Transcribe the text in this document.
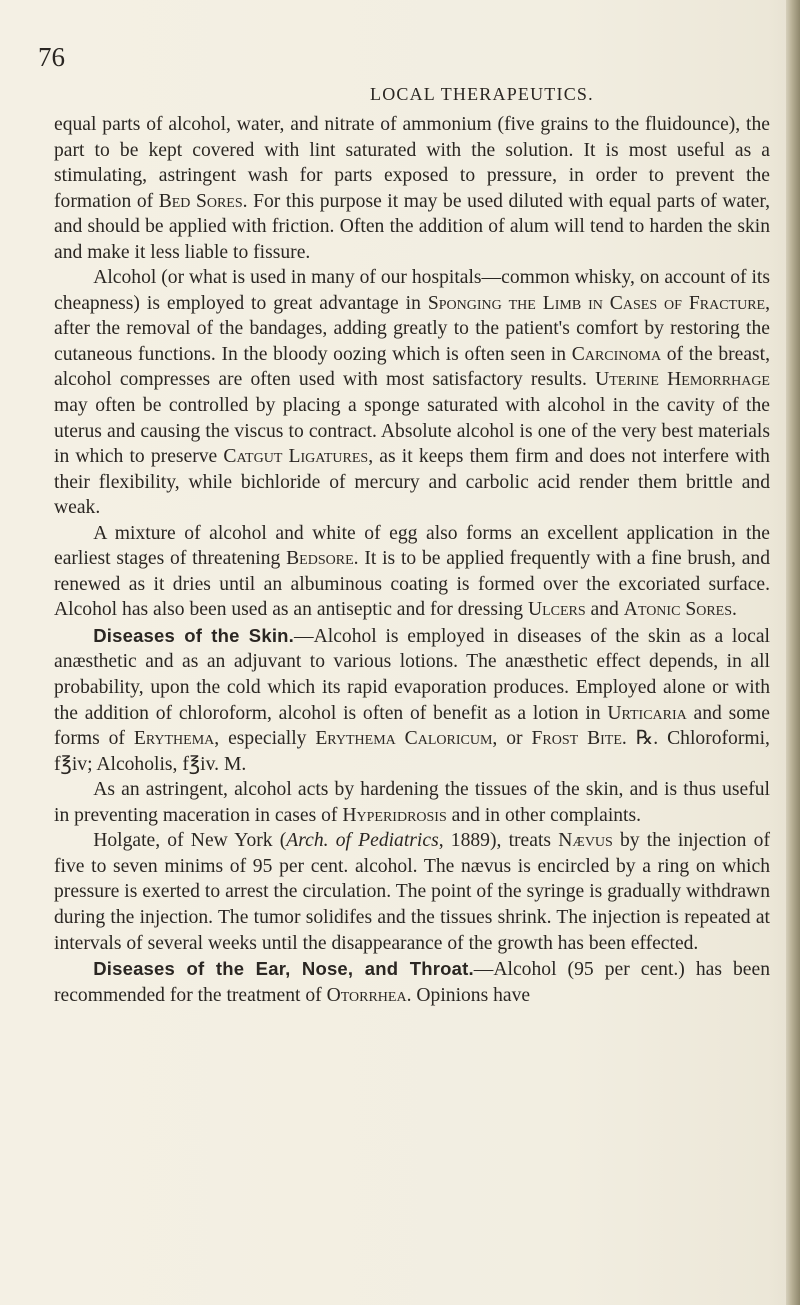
76
LOCAL THERAPEUTICS.

equal parts of alcohol, water, and nitrate of ammonium (five grains to the fluidounce), the part to be kept covered with lint saturated with the solution. It is most useful as a stimulating, astringent wash for parts exposed to pressure, in order to prevent the formation of Bed Sores. For this purpose it may be used diluted with equal parts of water, and should be applied with friction. Often the addition of alum will tend to harden the skin and make it less liable to fissure.

Alcohol (or what is used in many of our hospitals—common whisky, on account of its cheapness) is employed to great advantage in Sponging the Limb in Cases of Fracture, after the removal of the bandages, adding greatly to the patient's comfort by restoring the cutaneous functions. In the bloody oozing which is often seen in Carcinoma of the breast, alcohol compresses are often used with most satisfactory results. Uterine Hemorrhage may often be controlled by placing a sponge saturated with alcohol in the cavity of the uterus and causing the viscus to contract. Absolute alcohol is one of the very best materials in which to preserve Catgut Ligatures, as it keeps them firm and does not interfere with their flexibility, while bichloride of mercury and carbolic acid render them brittle and weak.

A mixture of alcohol and white of egg also forms an excellent application in the earliest stages of threatening Bedsore. It is to be applied frequently with a fine brush, and renewed as it dries until an albuminous coating is formed over the excoriated surface. Alcohol has also been used as an antiseptic and for dressing Ulcers and Atonic Sores.

Diseases of the Skin.—Alcohol is employed in diseases of the skin as a local anæsthetic and as an adjuvant to various lotions. The anæsthetic effect depends, in all probability, upon the cold which its rapid evaporation produces. Employed alone or with the addition of chloroform, alcohol is often of benefit as a lotion in Urticaria and some forms of Erythema, especially Erythema Caloricum, or Frost Bite. ℞. Chloroformi, f℥iv; Alcoholis, f℥iv. M.

As an astringent, alcohol acts by hardening the tissues of the skin, and is thus useful in preventing maceration in cases of Hyperidrosis and in other complaints.

Holgate, of New York (Arch. of Pediatrics, 1889), treats Nævus by the injection of five to seven minims of 95 per cent. alcohol. The nævus is encircled by a ring on which pressure is exerted to arrest the circulation. The point of the syringe is gradually withdrawn during the injection. The tumor solidifes and the tissues shrink. The injection is repeated at intervals of several weeks until the disappearance of the growth has been effected.

Diseases of the Ear, Nose, and Throat.—Alcohol (95 per cent.) has been recommended for the treatment of Otorrhea. Opinions have
